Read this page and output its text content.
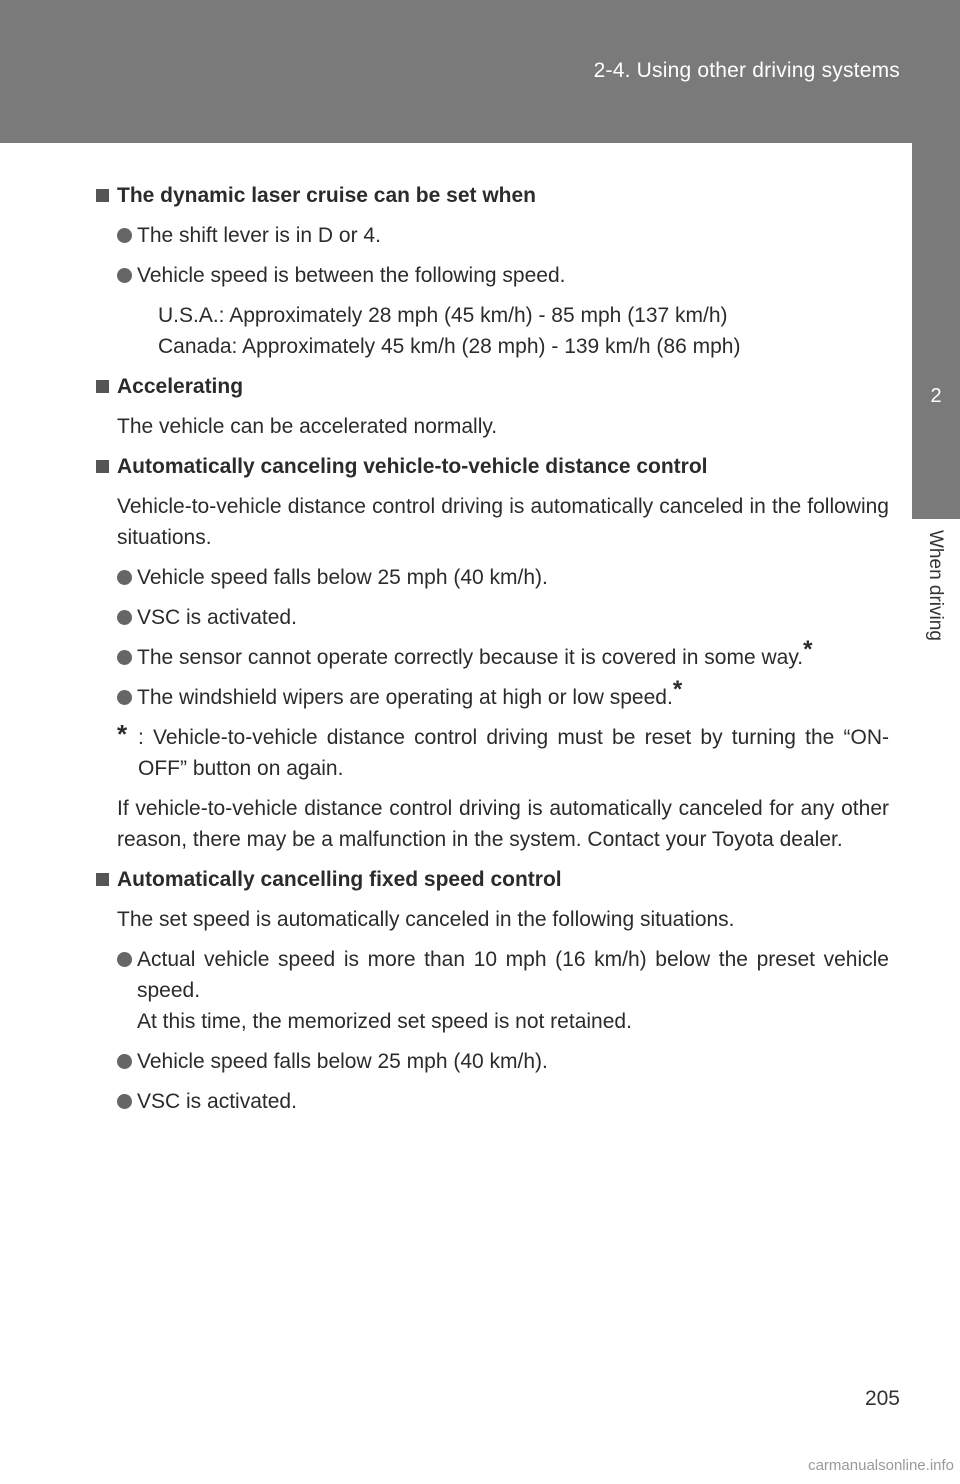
2-4. Using other driving systems
2
When driving
The dynamic laser cruise can be set when
The shift lever is in D or 4.
Vehicle speed is between the following speed.
U.S.A.: Approximately 28 mph (45 km/h) - 85 mph (137 km/h)
Canada: Approximately 45 km/h (28 mph) - 139 km/h (86 mph)
Accelerating
The vehicle can be accelerated normally.
Automatically canceling vehicle-to-vehicle distance control
Vehicle-to-vehicle distance control driving is automatically canceled in the following situations.
Vehicle speed falls below 25 mph (40 km/h).
VSC is activated.
The sensor cannot operate correctly because it is covered in some way.*
The windshield wipers are operating at high or low speed.*
* : Vehicle-to-vehicle distance control driving must be reset by turning the “ON-OFF” button on again.
If vehicle-to-vehicle distance control driving is automatically canceled for any other reason, there may be a malfunction in the system. Contact your Toyota dealer.
Automatically cancelling fixed speed control
The set speed is automatically canceled in the following situations.
Actual vehicle speed is more than 10 mph (16 km/h) below the preset vehicle speed.
At this time, the memorized set speed is not retained.
Vehicle speed falls below 25 mph (40 km/h).
VSC is activated.
205
carmanualsonline.info
